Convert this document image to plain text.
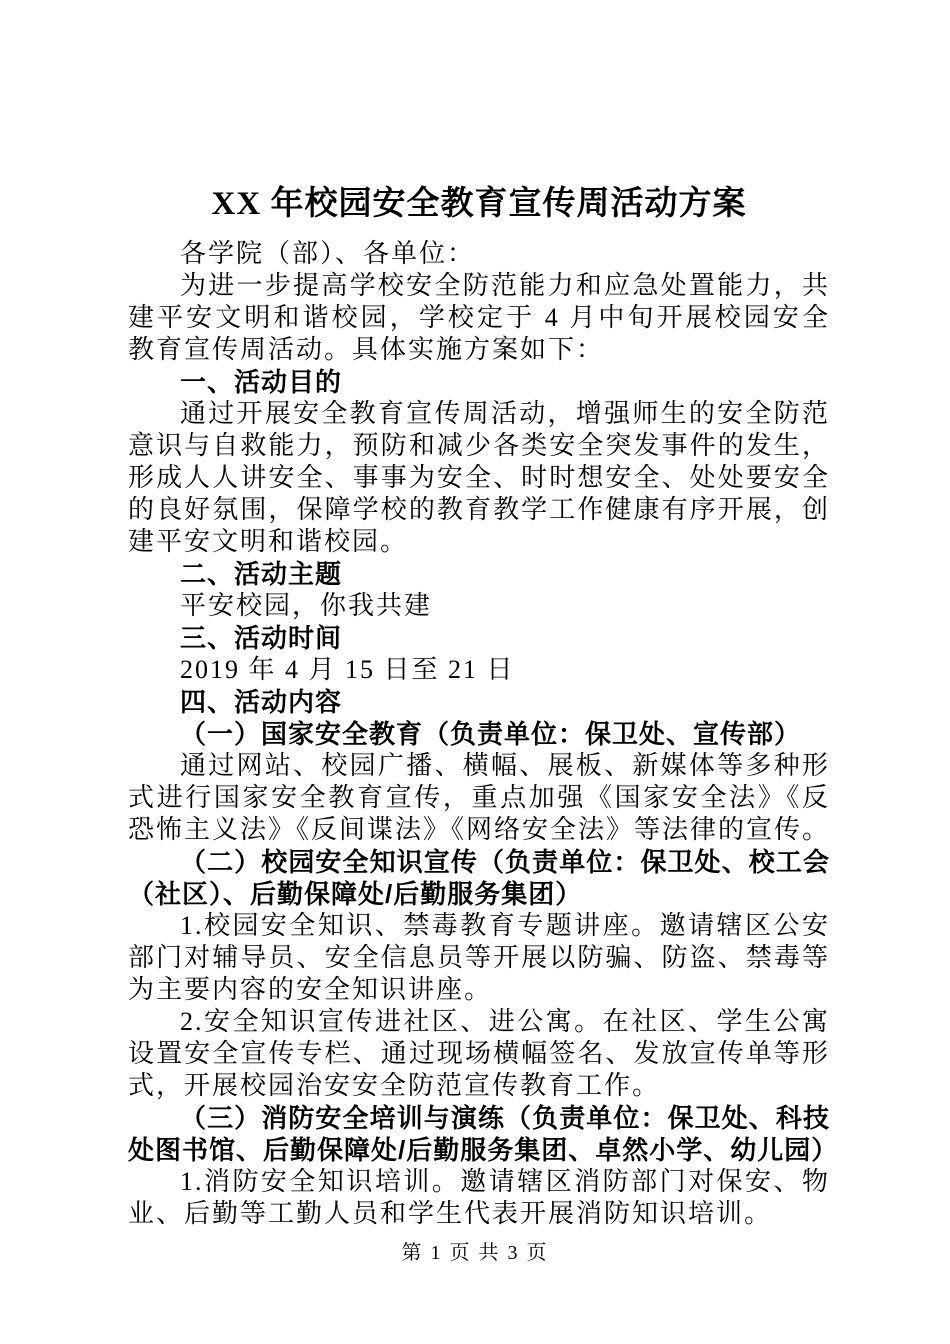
XX 年校园安全教育宣传周活动方案

各学院（部）、各单位：

为进一步提高学校安全防范能力和应急处置能力，共建平安文明和谐校园，学校定于 4 月中旬开展校园安全教育宣传周活动。具体实施方案如下：

一、活动目的

通过开展安全教育宣传周活动，增强师生的安全防范意识与自救能力，预防和减少各类安全突发事件的发生，形成人人讲安全、事事为安全、时时想安全、处处要安全的良好氛围，保障学校的教育教学工作健康有序开展，创建平安文明和谐校园。

二、活动主题

平安校园，你我共建

三、活动时间

2019 年 4 月 15 日至 21 日

四、活动内容

（一）国家安全教育（负责单位：保卫处、宣传部）

通过网站、校园广播、横幅、展板、新媒体等多种形式进行国家安全教育宣传，重点加强《国家安全法》《反恐怖主义法》《反间谍法》《网络安全法》等法律的宣传。

（二）校园安全知识宣传（负责单位：保卫处、校工会（社区）、后勤保障处/后勤服务集团）

1.校园安全知识、禁毒教育专题讲座。邀请辖区公安部门对辅导员、安全信息员等开展以防骗、防盗、禁毒等为主要内容的安全知识讲座。

2.安全知识宣传进社区、进公寓。在社区、学生公寓设置安全宣传专栏、通过现场横幅签名、发放宣传单等形式，开展校园治安安全防范宣传教育工作。

（三）消防安全培训与演练（负责单位：保卫处、科技处图书馆、后勤保障处/后勤服务集团、卓然小学、幼儿园）

1.消防安全知识培训。邀请辖区消防部门对保安、物业、后勤等工勤人员和学生代表开展消防知识培训。

第 1 页 共 3 页
